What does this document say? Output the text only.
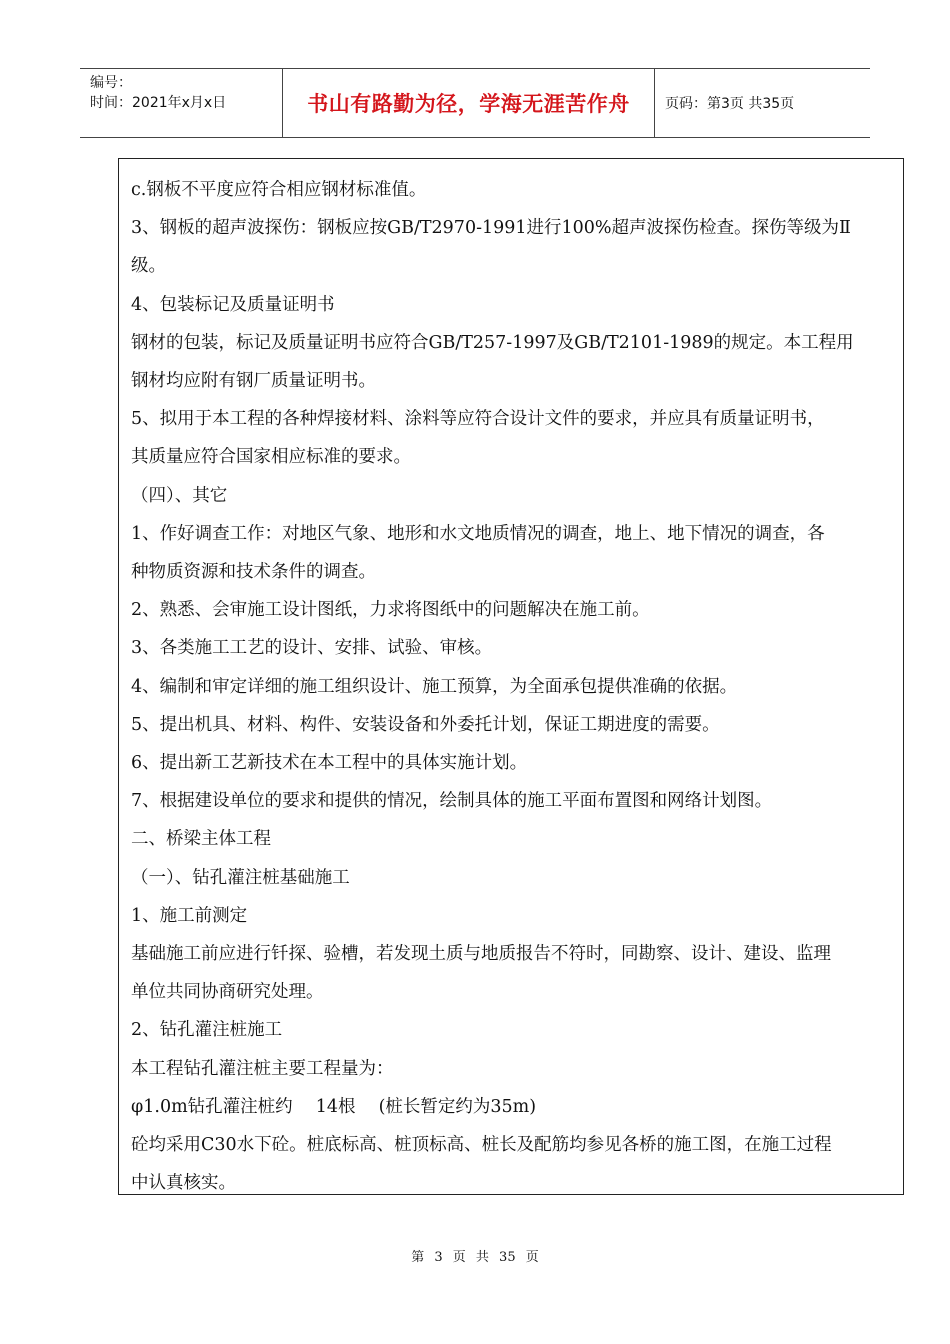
编号：
时间：2021年x月x日	书山有路勤为径，学海无涯苦作舟	页码：第3页 共35页

c.钢板不平度应符合相应钢材标准值。

3、钢板的超声波探伤：钢板应按GB/T2970-1991进行100%超声波探伤检查。探伤等级为Ⅱ

级。

4、包装标记及质量证明书

钢材的包装，标记及质量证明书应符合GB/T257-1997及GB/T2101-1989的规定。本工程用

钢材均应附有钢厂质量证明书。

5、拟用于本工程的各种焊接材料、涂料等应符合设计文件的要求，并应具有质量证明书，

其质量应符合国家相应标准的要求。

（四）、其它

1、作好调查工作：对地区气象、地形和水文地质情况的调查，地上、地下情况的调查，各

种物质资源和技术条件的调查。

2、熟悉、会审施工设计图纸，力求将图纸中的问题解决在施工前。

3、各类施工工艺的设计、安排、试验、审核。

4、编制和审定详细的施工组织设计、施工预算，为全面承包提供准确的依据。

5、提出机具、材料、构件、安装设备和外委托计划，保证工期进度的需要。

6、提出新工艺新技术在本工程中的具体实施计划。

7、根据建设单位的要求和提供的情况，绘制具体的施工平面布置图和网络计划图。

二、桥梁主体工程

（一）、钻孔灌注桩基础施工

1、施工前测定

基础施工前应进行钎探、验槽，若发现土质与地质报告不符时，同勘察、设计、建设、监理

单位共同协商研究处理。

2、钻孔灌注桩施工

本工程钻孔灌注桩主要工程量为：

φ1.0m钻孔灌注桩约　 14根　 (桩长暂定约为35m)

砼均采用C30水下砼。桩底标高、桩顶标高、桩长及配筋均参见各桥的施工图，在施工过程

中认真核实。

第 3 页 共 35 页
